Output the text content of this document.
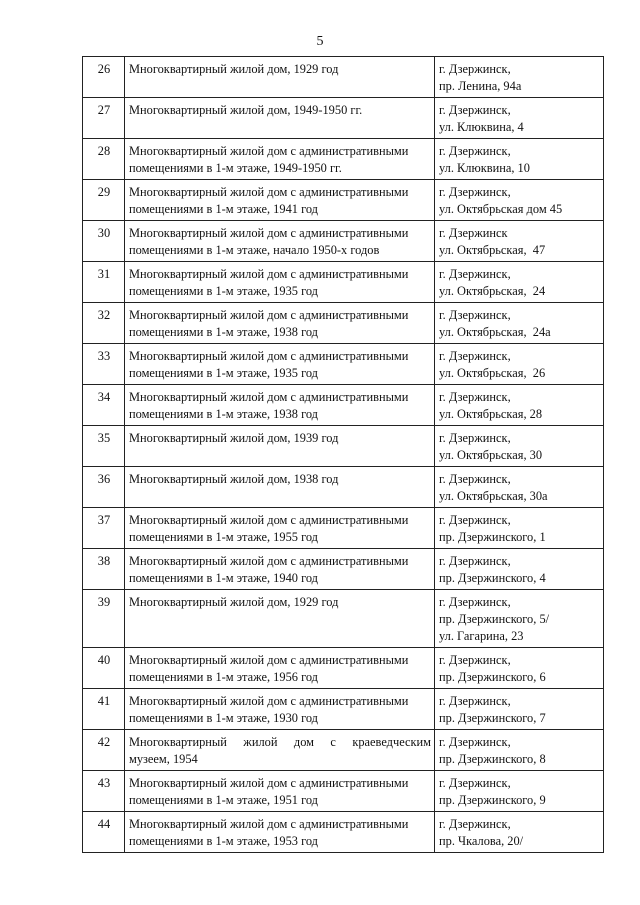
5
26	Многоквартирный жилой дом, 1929 год	г. Дзержинск,
пр. Ленина, 94а

27	Многоквартирный жилой дом, 1949-1950 гг.	г. Дзержинск,
ул. Клюквина, 4

28	Многоквартирный жилой дом с административными
помещениями в 1-м этаже, 1949-1950 гг.	г. Дзержинск,
ул. Клюквина, 10

29	Многоквартирный жилой дом с административными
помещениями в 1-м этаже, 1941 год	г. Дзержинск,
ул. Октябрьская дом 45

30	Многоквартирный жилой дом с административными
помещениями в 1-м этаже, начало 1950-х годов	г. Дзержинск
ул. Октябрьская,  47

31	Многоквартирный жилой дом с административными
помещениями в 1-м этаже, 1935 год	г. Дзержинск,
ул. Октябрьская,  24

32	Многоквартирный жилой дом с административными
помещениями в 1-м этаже, 1938 год	г. Дзержинск,
ул. Октябрьская,  24а

33	Многоквартирный жилой дом с административными
помещениями в 1-м этаже, 1935 год	г. Дзержинск,
ул. Октябрьская,  26

34	Многоквартирный жилой дом с административными
помещениями в 1-м этаже, 1938 год	г. Дзержинск,
ул. Октябрьская, 28

35	Многоквартирный жилой дом, 1939 год	г. Дзержинск,
ул. Октябрьская, 30

36	Многоквартирный жилой дом, 1938 год	г. Дзержинск,
ул. Октябрьская, 30а

37	Многоквартирный жилой дом с административными
помещениями в 1-м этаже, 1955 год	г. Дзержинск,
пр. Дзержинского, 1

38	Многоквартирный жилой дом с административными
помещениями в 1-м этаже, 1940 год	г. Дзержинск,
пр. Дзержинского, 4

39	Многоквартирный жилой дом, 1929 год	г. Дзержинск,
пр. Дзержинского, 5/
ул. Гагарина, 23

40	Многоквартирный жилой дом с административными
помещениями в 1-м этаже, 1956 год	г. Дзержинск,
пр. Дзержинского, 6

41	Многоквартирный жилой дом с административными
помещениями в 1-м этаже, 1930 год	г. Дзержинск,
пр. Дзержинского, 7

42	Многоквартирный жилой дом с краеведческим
музеем, 1954	г. Дзержинск,
пр. Дзержинского, 8

43	Многоквартирный жилой дом с административными
помещениями в 1-м этаже, 1951 год	г. Дзержинск,
пр. Дзержинского, 9

44	Многоквартирный жилой дом с административными
помещениями в 1-м этаже, 1953 год	г. Дзержинск,
пр. Чкалова, 20/
